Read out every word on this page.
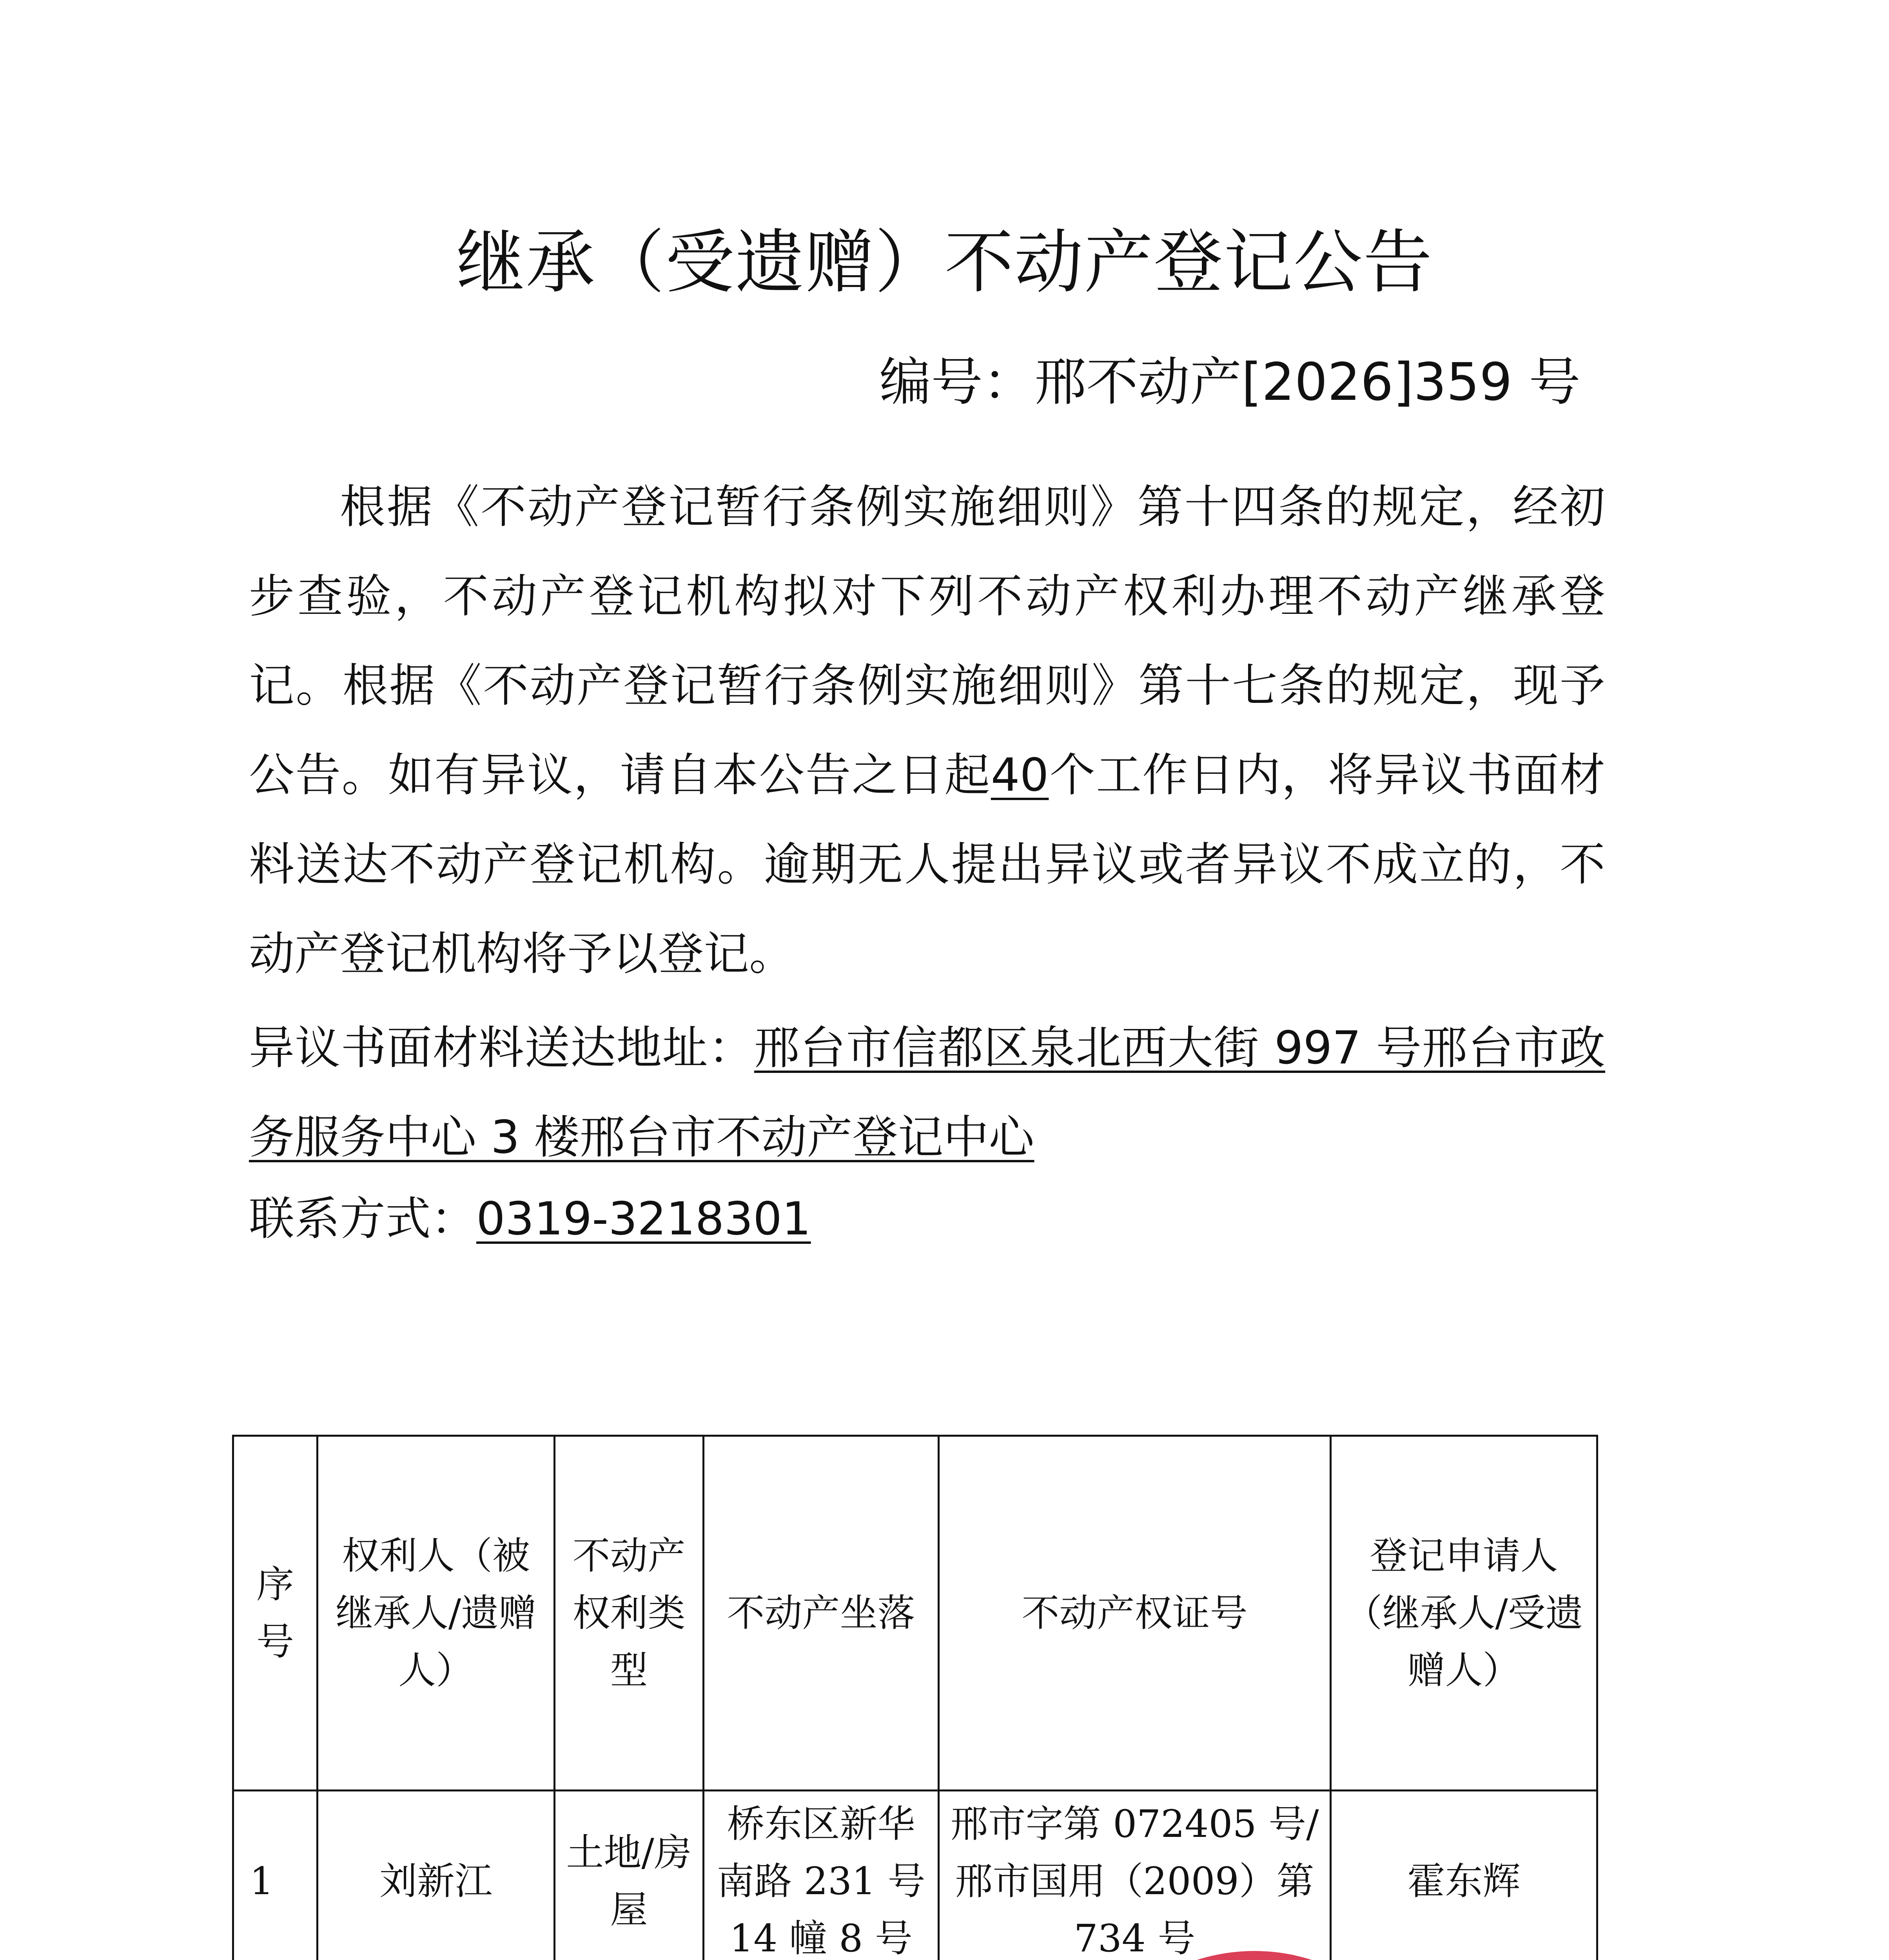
继承（受遗赠）不动产登记公告

编号：邢不动产[2026]359 号

根据《不动产登记暂行条例实施细则》第十四条的规定，经初步查验，不动产登记机构拟对下列不动产权利办理不动产继承登记。根据《不动产登记暂行条例实施细则》第十七条的规定，现予公告。如有异议，请自本公告之日起40个工作日内，将异议书面材料送达不动产登记机构。逾期无人提出异议或者异议不成立的，不动产登记机构将予以登记。

异议书面材料送达地址：邢台市信都区泉北西大街 997 号邢台市政务服务中心 3 楼邢台市不动产登记中心

联系方式：0319-3218301

序号	权利人（被继承人/遗赠人）	不动产权利类型	不动产坐落	不动产权证号	登记申请人（继承人/受遗赠人）
1	刘新江	土地/房屋	桥东区新华南路 231 号 14 幢 8 号	邢市字第 072405 号/邢市国用（2009）第 734 号	霍东辉
